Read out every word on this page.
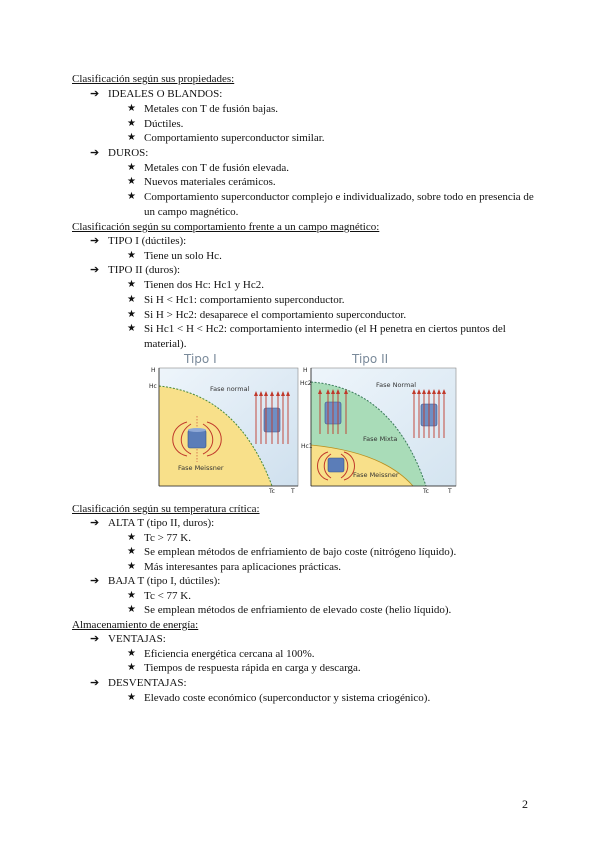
Clasificación según sus propiedades:
➔ IDEALES O BLANDOS:
★ Metales con T de fusión bajas.
★ Dúctiles.
★ Comportamiento superconductor similar.
➔ DUROS:
★ Metales con T de fusión elevada.
★ Nuevos materiales cerámicos.
★ Comportamiento superconductor complejo e individualizado, sobre todo en presencia de un campo magnético.
Clasificación según su comportamiento frente a un campo magnético:
➔ TIPO I (dúctiles):
★ Tiene un solo Hc.
➔ TIPO II (duros):
★ Tienen dos Hc: Hc1 y Hc2.
★ Si H < Hc1: comportamiento superconductor.
★ Si H > Hc2: desaparece el comportamiento superconductor.
★ Si Hc1 < H < Hc2: comportamiento intermedio (el H penetra en ciertos puntos del material).
Tipo I
H
Hc
Tc	T
Fase normal
Fase Meissner
Tipo II
H
Hc2
Hc1
Tc	T
Fase Normal
Fase Mixta
Fase Meissner
Clasificación según su temperatura crítica:
➔ ALTA T (tipo II, duros):
★ Tc > 77 K.
★ Se emplean métodos de enfriamiento de bajo coste (nitrógeno líquido).
★ Más interesantes para aplicaciones prácticas.
➔ BAJA T (tipo I, dúctiles):
★ Tc < 77 K.
★ Se emplean métodos de enfriamiento de elevado coste (helio líquido).
Almacenamiento de energía:
➔ VENTAJAS:
★ Eficiencia energética cercana al 100%.
★ Tiempos de respuesta rápida en carga y descarga.
➔ DESVENTAJAS:
★ Elevado coste económico (superconductor y sistema criogénico).
2
